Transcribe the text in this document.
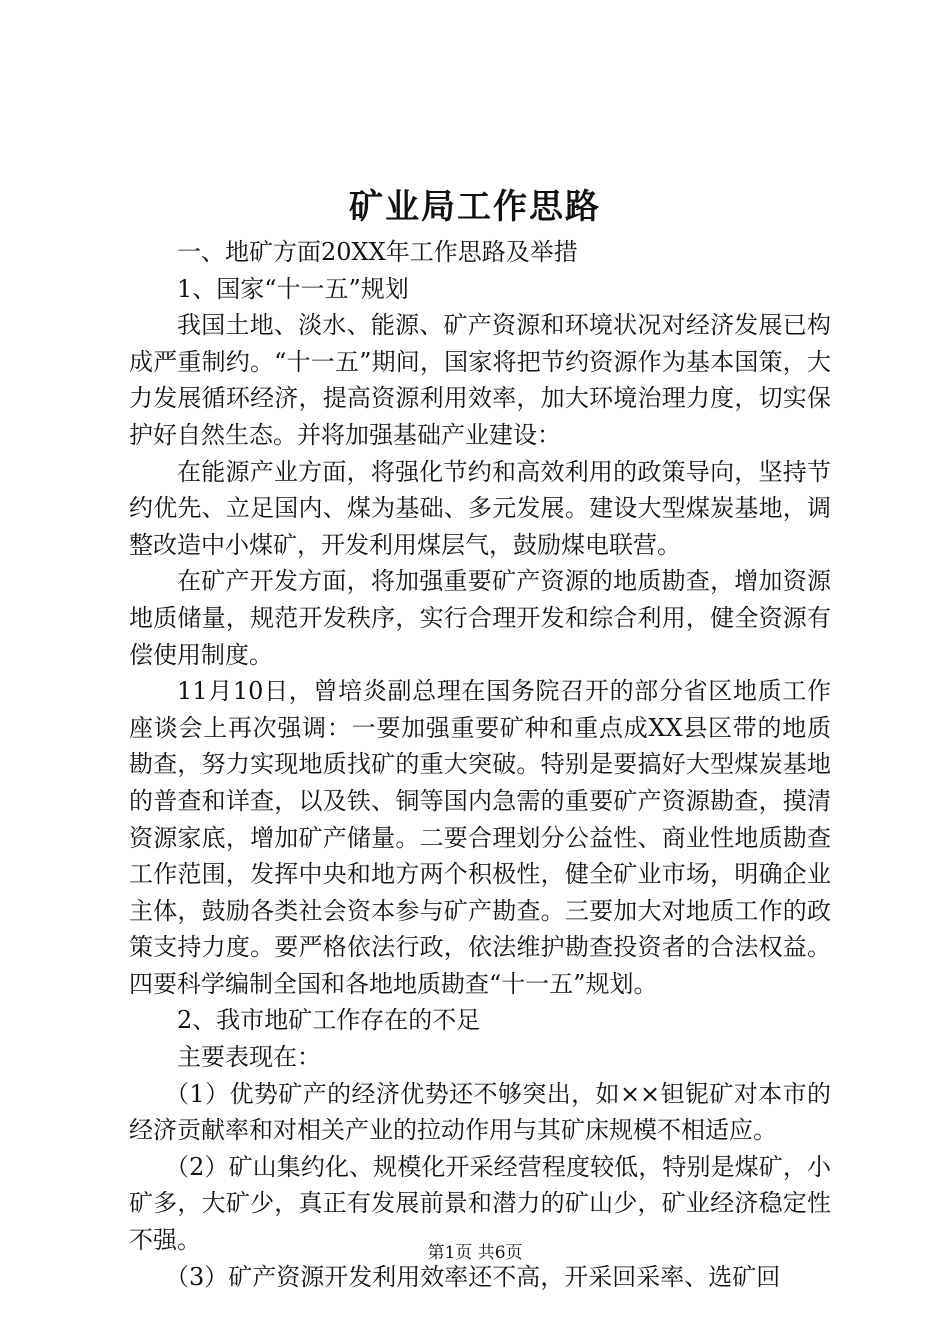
矿业局工作思路

一、地矿方面20XX年工作思路及举措

1、国家“十一五”规划

我国土地、淡水、能源、矿产资源和环境状况对经济发展已构成严重制约。“十一五”期间，国家将把节约资源作为基本国策，大力发展循环经济，提高资源利用效率，加大环境治理力度，切实保护好自然生态。并将加强基础产业建设：

在能源产业方面，将强化节约和高效利用的政策导向，坚持节约优先、立足国内、煤为基础、多元发展。建设大型煤炭基地，调整改造中小煤矿，开发利用煤层气，鼓励煤电联营。

在矿产开发方面，将加强重要矿产资源的地质勘查，增加资源地质储量，规范开发秩序，实行合理开发和综合利用，健全资源有偿使用制度。

11月10日，曾培炎副总理在国务院召开的部分省区地质工作座谈会上再次强调：一要加强重要矿种和重点成XX县区带的地质勘查，努力实现地质找矿的重大突破。特别是要搞好大型煤炭基地的普查和详查，以及铁、铜等国内急需的重要矿产资源勘查，摸清资源家底，增加矿产储量。二要合理划分公益性、商业性地质勘查工作范围，发挥中央和地方两个积极性，健全矿业市场，明确企业主体，鼓励各类社会资本参与矿产勘查。三要加大对地质工作的政策支持力度。要严格依法行政，依法维护勘查投资者的合法权益。四要科学编制全国和各地地质勘查“十一五”规划。

2、我市地矿工作存在的不足

主要表现在：

（1）优势矿产的经济优势还不够突出，如××钽铌矿对本市的经济贡献率和对相关产业的拉动作用与其矿床规模不相适应。

（2）矿山集约化、规模化开采经营程度较低，特别是煤矿，小矿多，大矿少，真正有发展前景和潜力的矿山少，矿业经济稳定性不强。

（3）矿产资源开发利用效率还不高，开采回采率、选矿回

第1页 共6页
